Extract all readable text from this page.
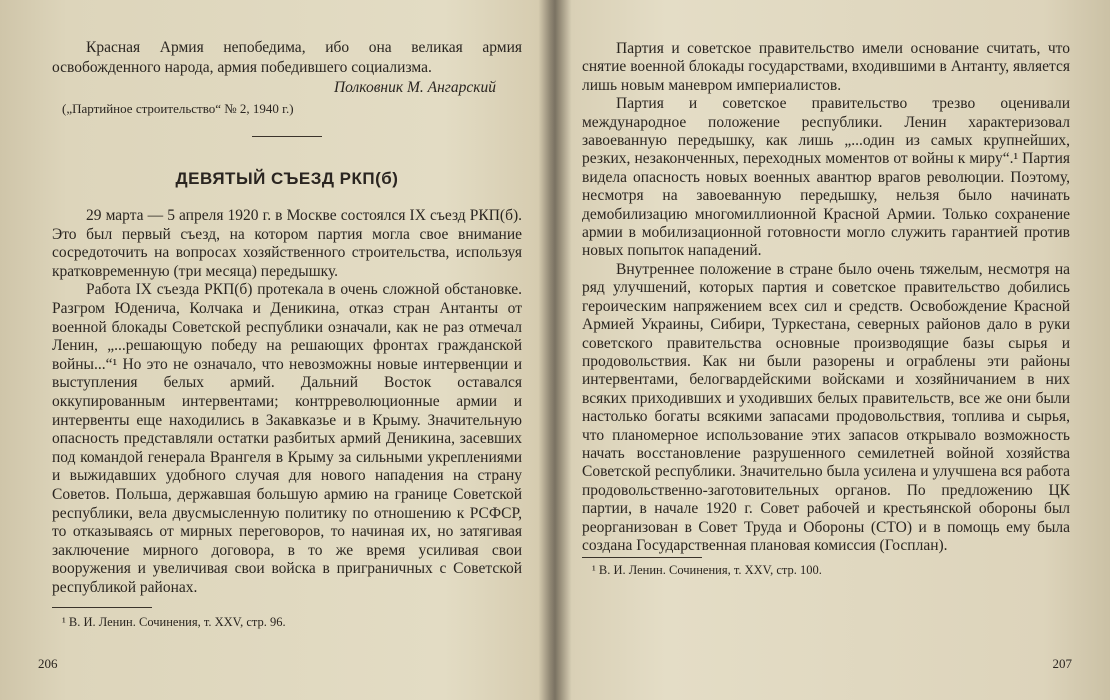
Красная Армия непобедима, ибо она великая армия освобожденного народа, армия победившего социализма.

Полковник М. Ангарский

(„Партийное строительство“ № 2, 1940 г.)

ДЕВЯТЫЙ СЪЕЗД РКП(б)

29 марта — 5 апреля 1920 г. в Москве состоялся IX съезд РКП(б). Это был первый съезд, на котором партия могла свое внимание сосредоточить на вопросах хозяйственного строительства, используя кратковременную (три месяца) передышку.

Работа IX съезда РКП(б) протекала в очень сложной обстановке. Разгром Юденича, Колчака и Деникина, отказ стран Антанты от военной блокады Советской республики означали, как не раз отмечал Ленин, „...решающую победу на решающих фронтах гражданской войны...“¹ Но это не означало, что невозможны новые интервенции и выступления белых армий. Дальний Восток оставался оккупированным интервентами; контрреволюционные армии и интервенты еще находились в Закавказье и в Крыму. Значительную опасность представляли остатки разбитых армий Деникина, засевших под командой генерала Врангеля в Крыму за сильными укреплениями и выжидавших удобного случая для нового нападения на страну Советов. Польша, державшая большую армию на границе Советской республики, вела двусмысленную политику по отношению к РСФСР, то отказываясь от мирных переговоров, то начиная их, но затягивая заключение мирного договора, в то же время усиливая свои вооружения и увеличивая свои войска в приграничных с Советской республикой районах.

¹ В. И. Ленин. Сочинения, т. XXV, стр. 96.

206

Партия и советское правительство имели основание считать, что снятие военной блокады государствами, входившими в Антанту, является лишь новым маневром империалистов.

Партия и советское правительство трезво оценивали международное положение республики. Ленин характеризовал завоеванную передышку, как лишь „...один из самых крупнейших, резких, незаконченных, переходных моментов от войны к миру“.¹ Партия видела опасность новых военных авантюр врагов революции. Поэтому, несмотря на завоеванную передышку, нельзя было начинать демобилизацию многомиллионной Красной Армии. Только сохранение армии в мобилизационной готовности могло служить гарантией против новых попыток нападений.

Внутреннее положение в стране было очень тяжелым, несмотря на ряд улучшений, которых партия и советское правительство добились героическим напряжением всех сил и средств. Освобождение Красной Армией Украины, Сибири, Туркестана, северных районов дало в руки советского правительства основные производящие базы сырья и продовольствия. Как ни были разорены и ограблены эти районы интервентами, белогвардейскими войсками и хозяйничанием в них всяких приходивших и уходивших белых правительств, все же они были настолько богаты всякими запасами продовольствия, топлива и сырья, что планомерное использование этих запасов открывало возможность начать восстановление разрушенного семилетней войной хозяйства Советской республики. Значительно была усилена и улучшена вся работа продовольственно-заготовительных органов. По предложению ЦК партии, в начале 1920 г. Совет рабочей и крестьянской обороны был реорганизован в Совет Труда и Обороны (СТО) и в помощь ему была создана Государственная плановая комиссия (Госплан).

¹ В. И. Ленин. Сочинения, т. XXV, стр. 100.

207
